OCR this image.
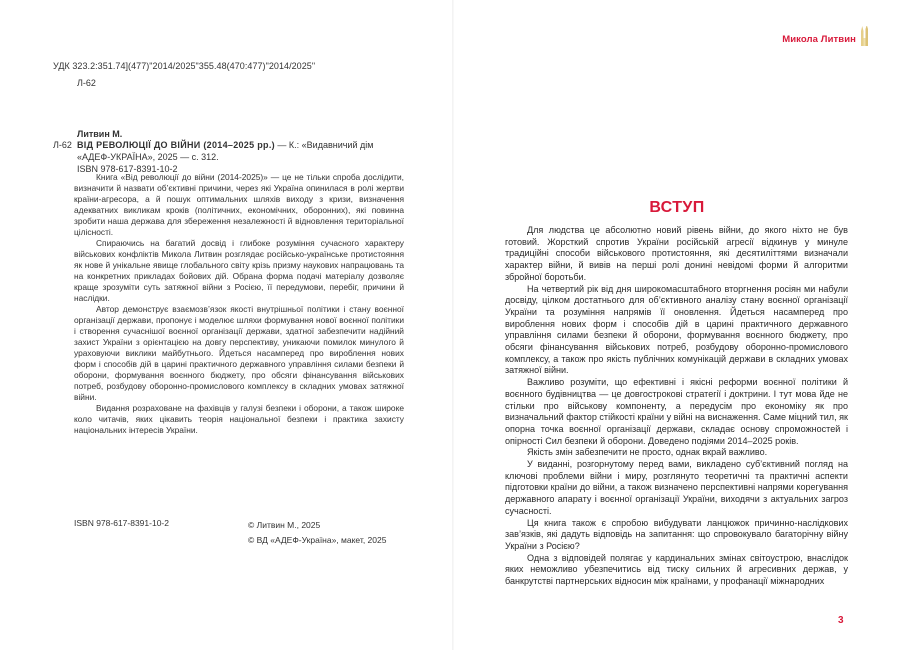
УДК 323.2:351.74](477)"2014/2025"355.48(470:477)"2014/2025"
Л-62
Литвин М.
Л-62 ВІД РЕВОЛЮЦІЇ ДО ВІЙНИ (2014–2025 рр.) — К.: «Видавничий дім «АДЕФ-УКРАЇНА», 2025 — с. 312.
ISBN 978-617-8391-10-2

Книга «Від революції до війни (2014-2025)» — це не тільки спроба дослідити, визначити й назвати об’єктивні причини, через які Україна опинилася в ролі жертви країни-агресора, а й пошук оптимальних шляхів виходу з кризи, визначення адекватних викликам кроків (політичних, економічних, оборонних), які повинна зробити наша держава для збереження незалежності й відновлення територіальної цілісності.

Спираючись на багатий досвід і глибоке розуміння сучасного характеру військових конфліктів Микола Литвин розглядає російсько-українське протистояння як нове й унікальне явище глобального світу крізь призму наукових напрацювань та на конкретних прикладах бойових дій. Обрана форма подачі матеріалу дозволяє краще зрозуміти суть затяжної війни з Росією, її передумови, перебіг, причини й наслідки.

Автор демонструє взаємозв’язок якості внутрішньої політики і стану воєнної організації держави, пропонує і моделює шляхи формування нової воєнної політики і створення сучаснішої воєнної організації держави, здатної забезпечити надійний захист України з орієнтацією на довгу перспективу, уникаючи помилок минулого й ураховуючи виклики майбутнього. Йдеться насамперед про вироблення нових форм і способів дій в царині практичного державного управління силами безпеки й оборони, формування воєнного бюджету, про обсяги фінансування військових потреб, розбудову оборонно-промислового комплексу в складних умовах затяжної війни.

Видання розраховане на фахівців у галузі безпеки і оборони, а також широке коло читачів, яких цікавить теорія національної безпеки і практика захисту національних інтересів України.

ISBN 978-617-8391-10-2	© Литвин М., 2025
© ВД «АДЕФ-Україна», макет, 2025
Микола Литвин
ВСТУП

Для людства це абсолютно новий рівень війни, до якого ніхто не був готовий. Жорсткий спротив України російській агресії відкинув у минуле традиційні способи військового протистояння, які десятиліттями визначали характер війни, й вивів на перші ролі донині невідомі форми й алгоритми збройної боротьби.

На четвертий рік від дня широкомасштабного вторгнення росіян ми набули досвіду, цілком достатнього для об’єктивного аналізу стану воєнної організації України та розуміння напрямів її оновлення. Йдеться насамперед про вироблення нових форм і способів дій в царині практичного державного управління силами безпеки й оборони, формування воєнного бюджету, про обсяги фінансування військових потреб, розбудову оборонно-промислового комплексу, а також про якість публічних комунікацій держави в складних умовах затяжної війни.

Важливо розуміти, що ефективні і якісні реформи воєнної політики й воєнного будівництва — це довгострокові стратегії і доктрини. І тут мова йде не стільки про військову компоненту, а передусім про економіку як про визначальний фактор стійкості країни у війні на виснаження. Саме міцний тил, як опорна точка воєнної організації держави, складає основу спроможностей і опірності Сил безпеки й оборони. Доведено подіями 2014–2025 років.

Якість змін забезпечити не просто, однак вкрай важливо.

У виданні, розгорнутому перед вами, викладено суб’єктивний погляд на ключові проблеми війни і миру, розглянуто теоретичні та практичні аспекти підготовки країни до війни, а також визначено перспективні напрями корегування державного апарату і воєнної організації України, виходячи з актуальних загроз сучасності.

Ця книга також є спробою вибудувати ланцюжок причинно-наслідкових зав’язків, які дадуть відповідь на запитання: що спровокувало багаторічну війну України з Росією?

Одна з відповідей полягає у кардинальних змінах світоустрою, внаслідок яких неможливо убезпечитись від тиску сильних й агресивних держав, у банкрутстві партнерських відносин між країнами, у профанації міжнародних

3
